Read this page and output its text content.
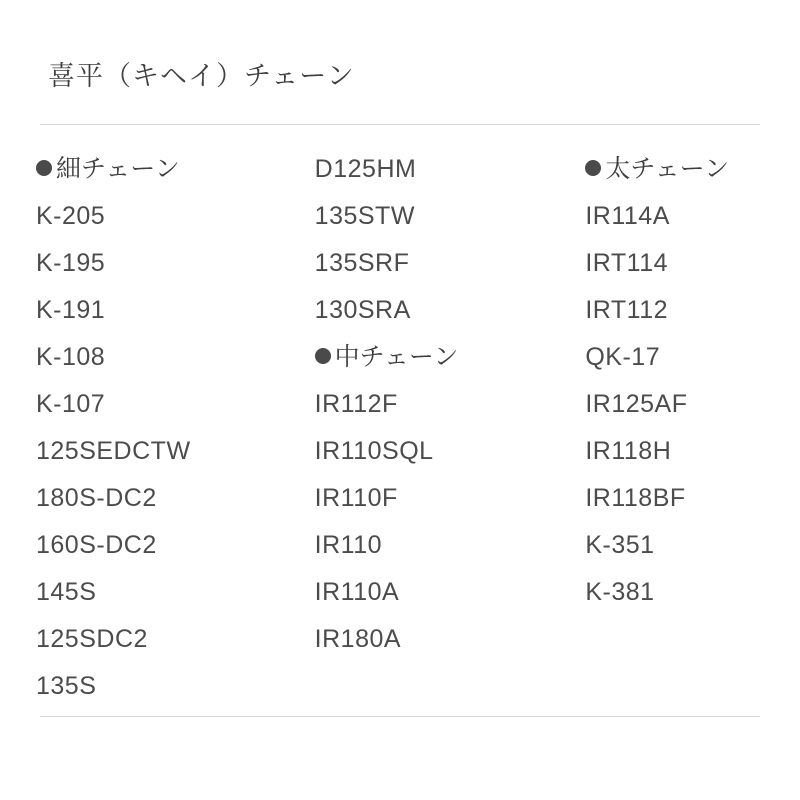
喜平（キヘイ）チェーン
細チェーン
K-205
K-195
K-191
K-108
K-107
125SEDCTW
180S-DC2
160S-DC2
145S
125SDC2
135S
D125HM
135STW
135SRF
130SRA
中チェーン
IR112F
IR110SQL
IR110F
IR110
IR110A
IR180A
太チェーン
IR114A
IRT114
IRT112
QK-17
IR125AF
IR118H
IR118BF
K-351
K-381
